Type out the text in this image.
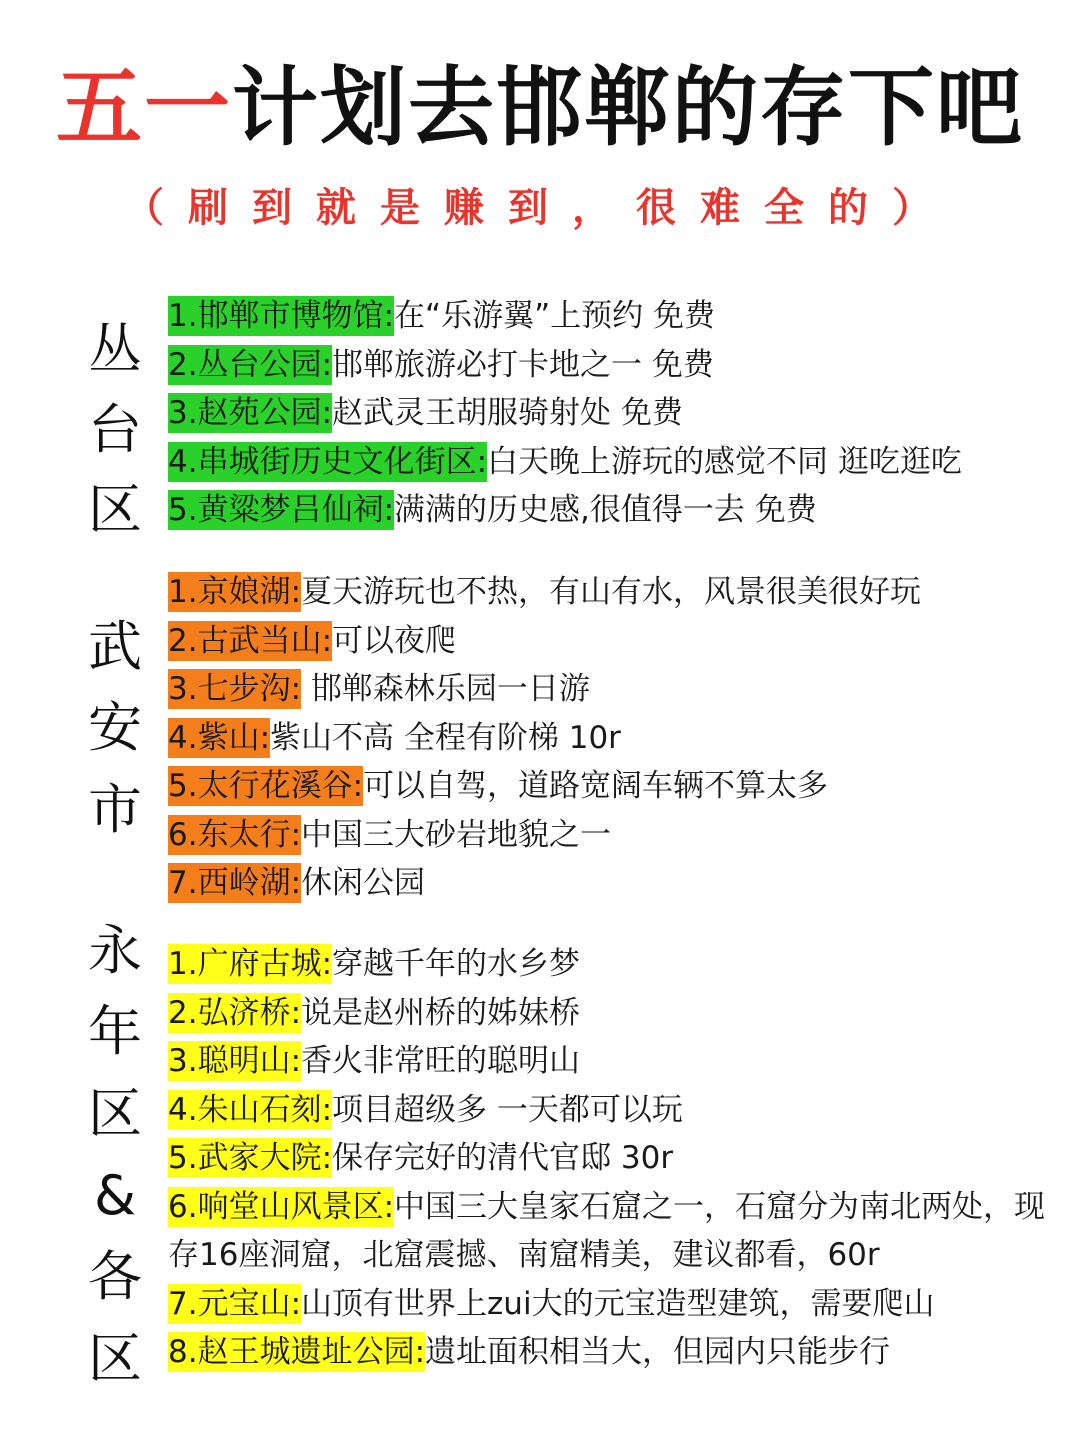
五一计划去邯郸的存下吧
（刷到就是赚到，很难全的）
丛
台
区
1.邯郸市博物馆:在“乐游翼”上预约 免费
2.丛台公园:邯郸旅游必打卡地之一 免费
3.赵苑公园:赵武灵王胡服骑射处 免费
4.串城街历史文化街区:白天晚上游玩的感觉不同 逛吃逛吃
5.黄粱梦吕仙祠:满满的历史感,很值得一去 免费
武
安
市
1.京娘湖:夏天游玩也不热，有山有水，风景很美很好玩
2.古武当山:可以夜爬
3.七步沟: 邯郸森林乐园一日游
4.紫山:紫山不高 全程有阶梯 10r
5.太行花溪谷:可以自驾，道路宽阔车辆不算太多
6.东太行:中国三大砂岩地貌之一
7.西岭湖:休闲公园
永
年
区
&
各
区
1.广府古城:穿越千年的水乡梦
2.弘济桥:说是赵州桥的姊妹桥
3.聪明山:香火非常旺的聪明山
4.朱山石刻:项目超级多 一天都可以玩
5.武家大院:保存完好的清代官邸 30r
6.响堂山风景区:中国三大皇家石窟之一，石窟分为南北两处，现存16座洞窟，北窟震撼、南窟精美，建议都看，60r
7.元宝山:山顶有世界上zui大的元宝造型建筑，需要爬山
8.赵王城遗址公园:遗址面积相当大，但园内只能步行
